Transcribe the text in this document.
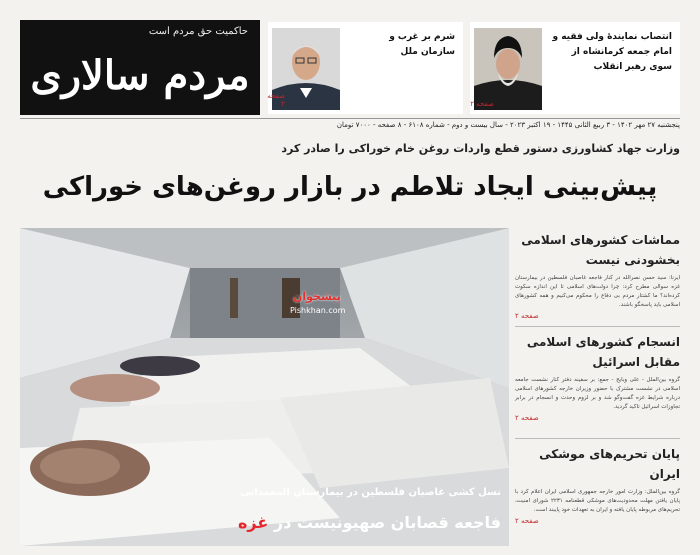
حاکمیت حق مردم است
مردم سالاری
شرم بر غرب و سازمان ملل
صفحه ۲
انتصاب نمایندۀ ولی فقیه و امام جمعه کرمانشاه از سوی رهبر انقلاب
صفحه ۲
پنجشنبه ۲۷ مهر ۱۴۰۲ - ۳ ربیع الثانی ۱۴۴۵ - ۱۹ اکتبر ۲۰۲۳ - سال بیست و دوم - شماره ۶۱۰۸ - ۸ صفحه - ۷۰۰۰ تومان
وزارت جهاد کشاورزی دستور قطع واردات روغن خام خوراکی را صادر کرد
پیش‌بینی ایجاد تلاطم در بازار روغن‌های خوراکی
نسل کشی غاصبان فلسطین در بیمارستان المعمدانی
فاجعه قصابان صهیونیست در غزه
پیشخوان
Pishkhan.com
مماشات کشورهای اسلامی بخشودنی نیست

ایرنا: سید حسن نصرالله در کنار فاجعه غاصبان فلسطین در بیمارستان غزه سوالی مطرح کرد: چرا دولت‌های اسلامی تا این اندازه سکوت کرده‌اند؟ ما کشتار مردم بی دفاع را محکوم می‌کنیم و همه کشورهای اسلامی باید پاسخگو باشند.

صفحه ۲
انسجام کشورهای اسلامی مقابل اسرائیل

گروه بین‌الملل - علی وبایح - جمع: بر سفینه دفتر کنار نشست جامعه اسلامی در نشست مشترک با حضور وزیران خارجه کشورهای اسلامی درباره شرایط غزه گفت‌وگو شد و بر لزوم وحدت و انسجام در برابر تجاوزات اسرائیل تاکید گردید.

صفحه ۲
پایان تحریم‌های موشکی ایران

گروه بین‌الملل: وزارت امور خارجه جمهوری اسلامی ایران اعلام کرد با پایان یافتن مهلت محدودیت‌های موشکی قطعنامه ۲۲۳۱ شورای امنیت، تحریم‌های مربوطه پایان یافته و ایران به تعهدات خود پایبند است.

صفحه ۲
